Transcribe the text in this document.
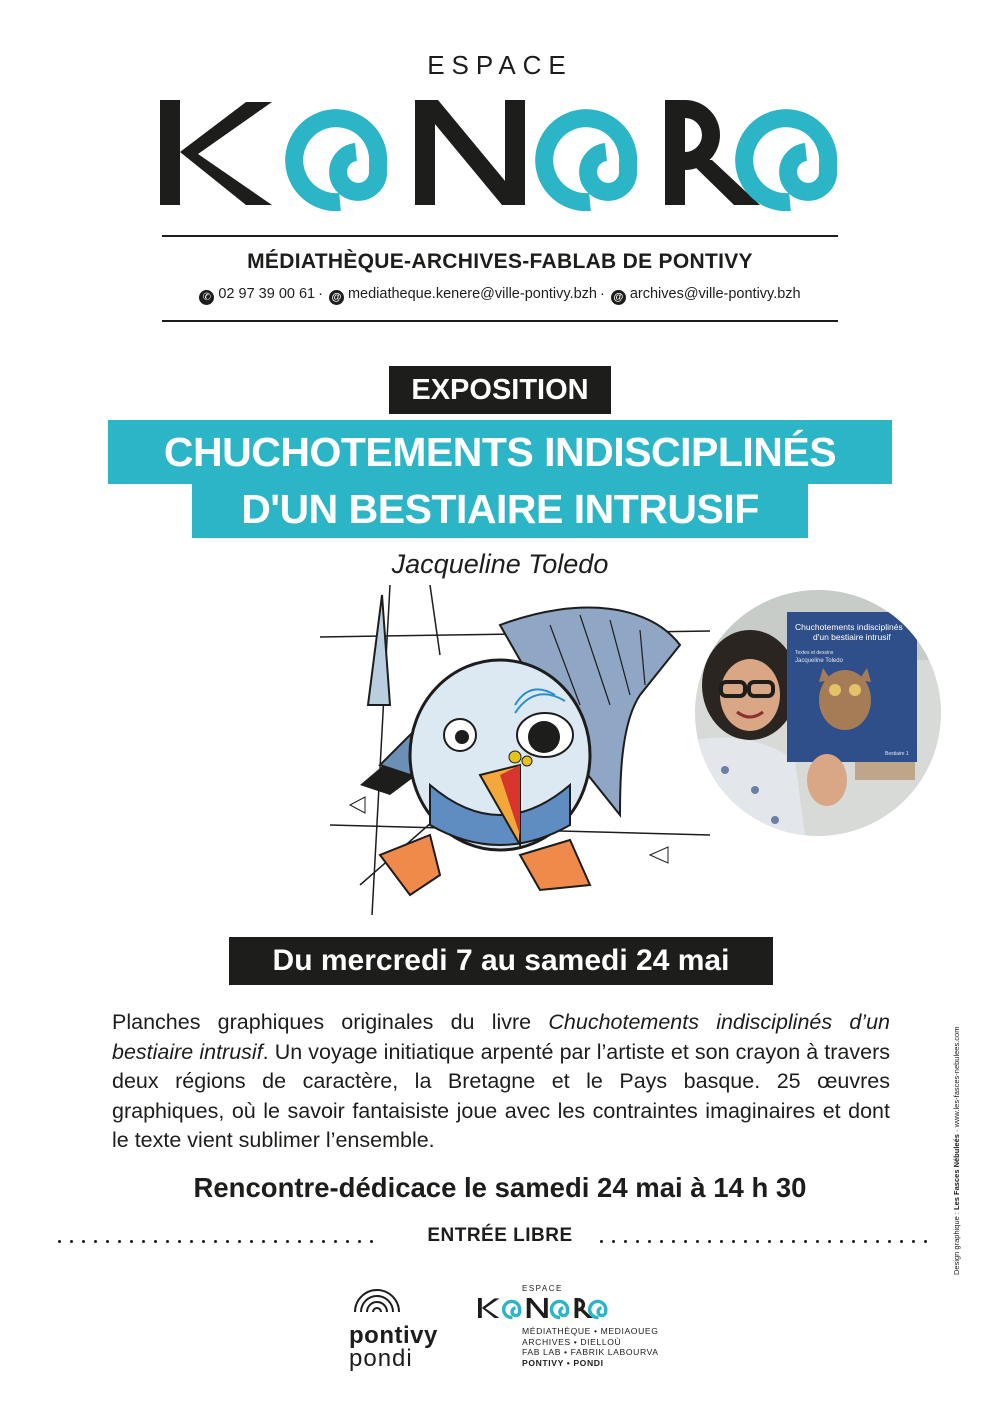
ESPACE
MÉDIATHÈQUE-ARCHIVES-FABLAB DE PONTIVY
✆ 02 97 39 00 61 · @ mediatheque.kenere@ville-pontivy.bzh · @ archives@ville-pontivy.bzh
EXPOSITION
CHUCHOTEMENTS INDISCIPLINÉS
D'UN BESTIAIRE INTRUSIF
Jacqueline Toledo
Chuchotements indisciplinés
d'un bestiaire intrusif
Textes et dessins
Jacqueline Toledo
Bestiaire 1
Du mercredi 7 au samedi 24 mai
Planches graphiques originales du livre Chuchotements indisciplinés d’un bestiaire intrusif. Un voyage initiatique arpenté par l’artiste et son crayon à travers deux régions de caractère, la Bretagne et le Pays basque. 25 œuvres graphiques, où le savoir fantaisiste joue avec les contraintes imaginaires et dont le texte vient sublimer l’ensemble.
Rencontre-dédicace le samedi 24 mai à 14 h 30
ENTRÉE LIBRE
pontivy
pondi
ESPACE
MÉDIATHÈQUE • MEDIAOUEG
ARCHIVES • DIELLOÙ
FAB LAB • FABRIK LABOURVA
PONTIVY • PONDI
Design graphique : Les Fasces Nébuleés · www.les-fasces-nebulees.com
